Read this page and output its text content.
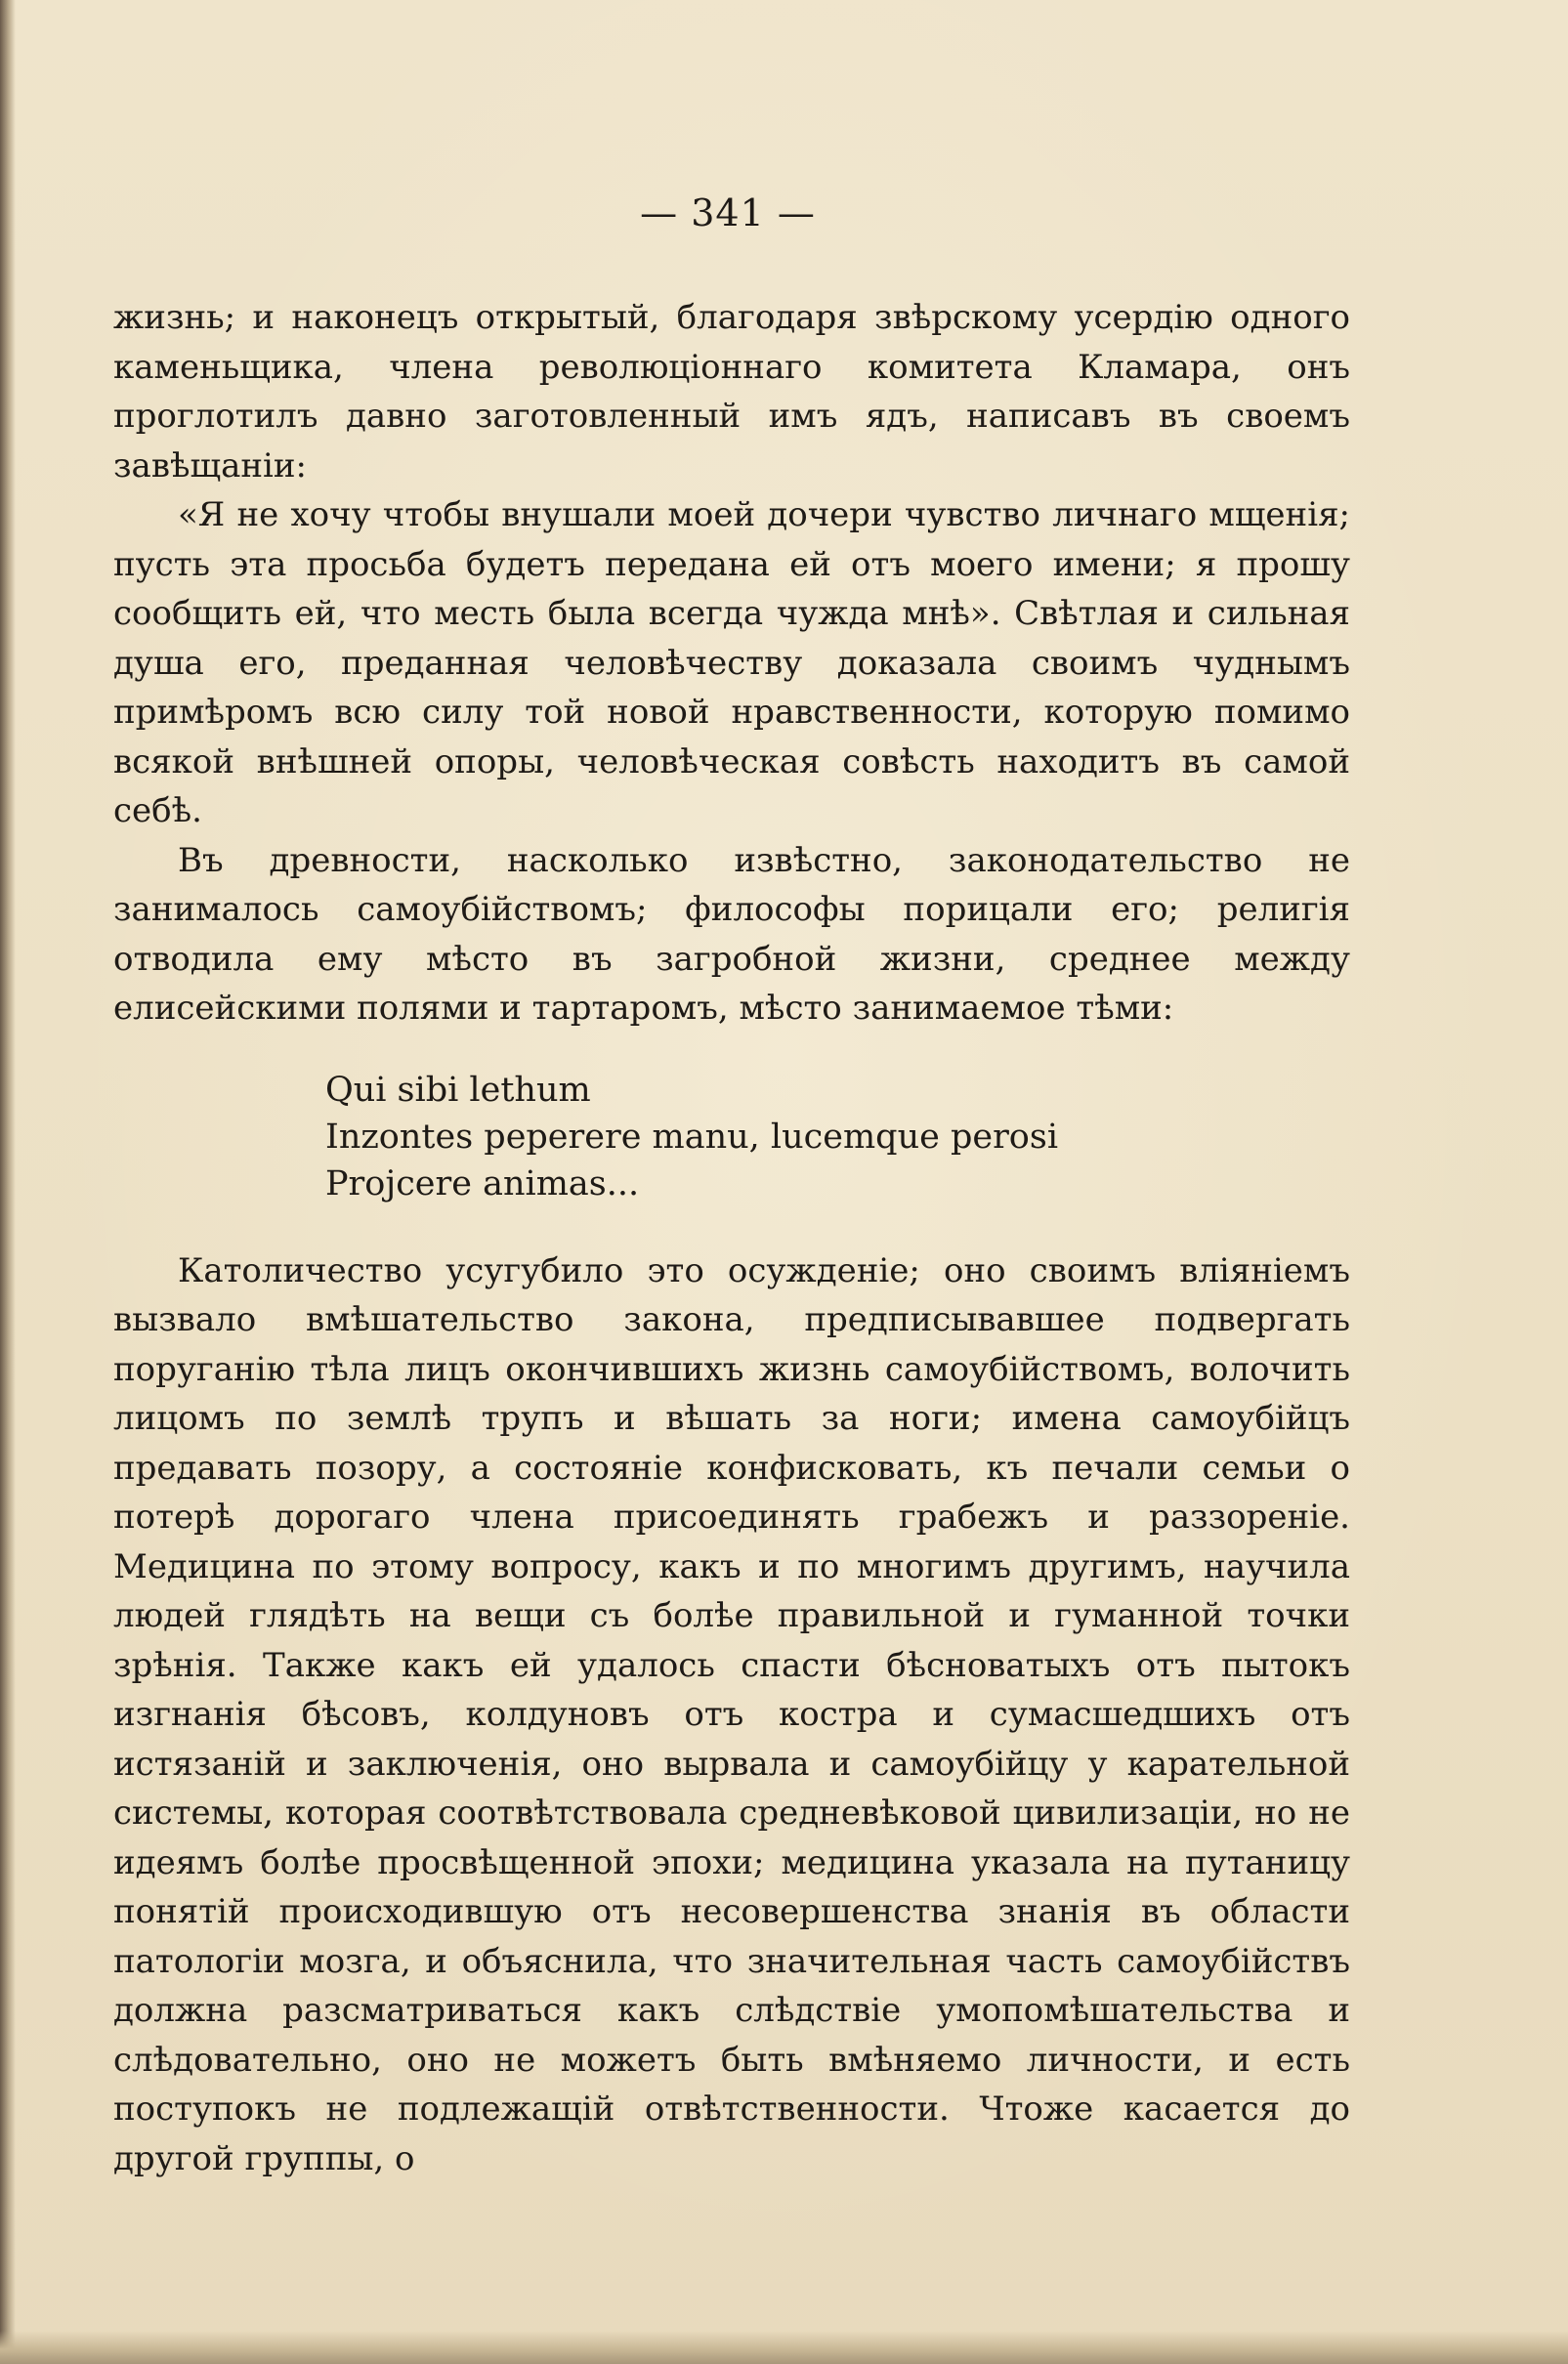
— 341 —

жизнь; и наконецъ открытый, благодаря звѣрскому усердію одного каменьщика, члена революціоннаго комитета Кламара, онъ проглотилъ давно заготовленный имъ ядъ, написавъ въ своемъ завѣщаніи:

«Я не хочу чтобы внушали моей дочери чувство личнаго мщенія; пусть эта просьба будетъ передана ей отъ моего имени; я прошу сообщить ей, что месть была всегда чужда мнѣ». Свѣтлая и сильная душа его, преданная человѣчеству доказала своимъ чуднымъ примѣромъ всю силу той новой нравственности, которую помимо всякой внѣшней опоры, человѣческая совѣсть находитъ въ самой себѣ.

Въ древности, насколько извѣстно, законодательство не занималось самоубійствомъ; философы порицали его; религія отводила ему мѣсто въ загробной жизни, среднее между елисейскими полями и тартаромъ, мѣсто занимаемое тѣми:

Qui sibi lethum
Inzontes pepererе manu, lucemque perosi
Projcere animas...

Католичество усугубило это осужденіе; оно своимъ вліяніемъ вызвало вмѣшательство закона, предписывавшее подвергать поруганію тѣла лицъ окончившихъ жизнь самоубійствомъ, волочить лицомъ по землѣ трупъ и вѣшать за ноги; имена самоубійцъ предавать позору, а состояніе конфисковать, къ печали семьи о потерѣ дорогаго члена присоединять грабежъ и раззореніе. Медицина по этому вопросу, какъ и по многимъ другимъ, научила людей глядѣть на вещи съ болѣе правильной и гуманной точки зрѣнія. Также какъ ей удалось спасти бѣсноватыхъ отъ пытокъ изгнанія бѣсовъ, колдуновъ отъ костра и сумасшедшихъ отъ истязаній и заключенія, оно вырвала и самоубійцу у карательной системы, которая соотвѣтствовала средневѣковой цивилизаціи, но не идеямъ болѣе просвѣщенной эпохи; медицина указала на путаницу понятій происходившую отъ несовершенства знанія въ области патологіи мозга, и объяснила, что значительная часть самоубійствъ должна разсматриваться какъ слѣдствіе умопомѣшательства и слѣдовательно, оно не можетъ быть вмѣняемо личности, и есть поступокъ не подлежащій отвѣтственности. Чтоже касается до другой группы, о
